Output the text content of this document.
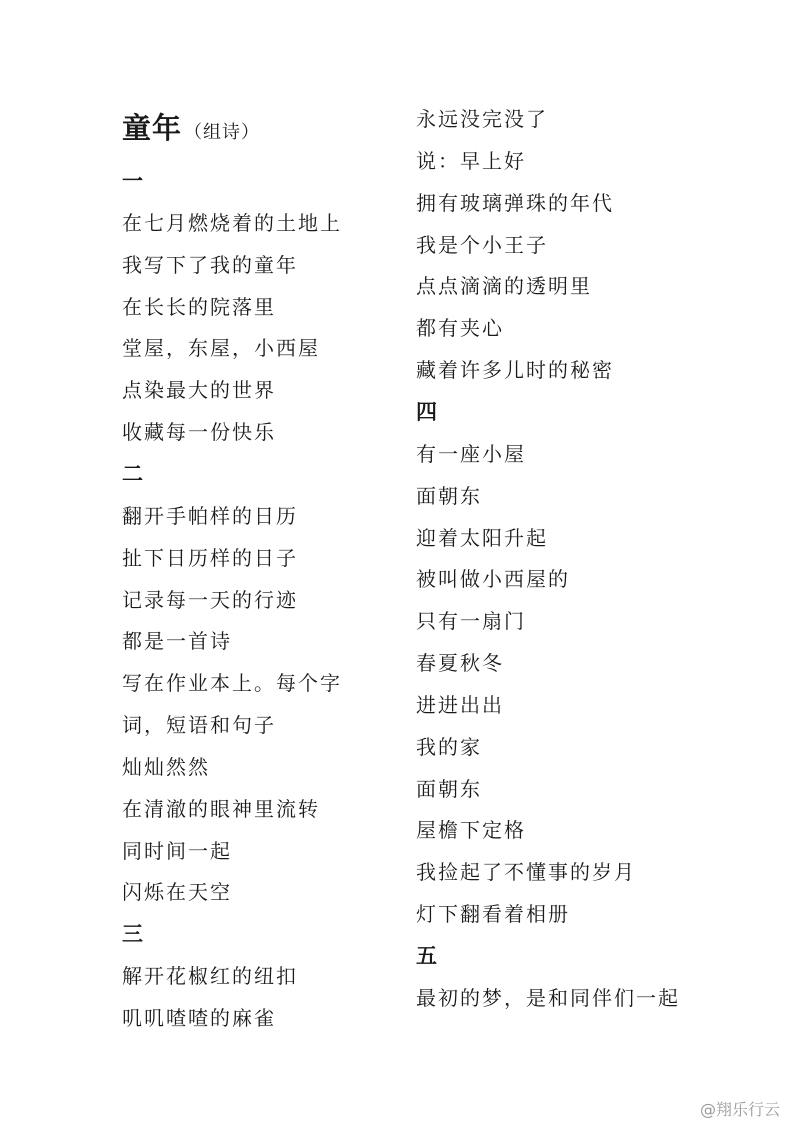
童年 （组诗）
一
在七月燃烧着的土地上
我写下了我的童年
在长长的院落里
堂屋，东屋，小西屋
点染最大的世界
收藏每一份快乐
二
翻开手帕样的日历
扯下日历样的日子
记录每一天的行迹
都是一首诗
写在作业本上。每个字
词，短语和句子
灿灿然然
在清澈的眼神里流转
同时间一起
闪烁在天空
三
解开花椒红的纽扣
叽叽喳喳的麻雀
永远没完没了
说：早上好
拥有玻璃弹珠的年代
我是个小王子
点点滴滴的透明里
都有夹心
藏着许多儿时的秘密
四
有一座小屋
面朝东
迎着太阳升起
被叫做小西屋的
只有一扇门
春夏秋冬
进进出出
我的家
面朝东
屋檐下定格
我捡起了不懂事的岁月
灯下翻看着相册
五
最初的梦，是和同伴们一起
@翔乐行云
